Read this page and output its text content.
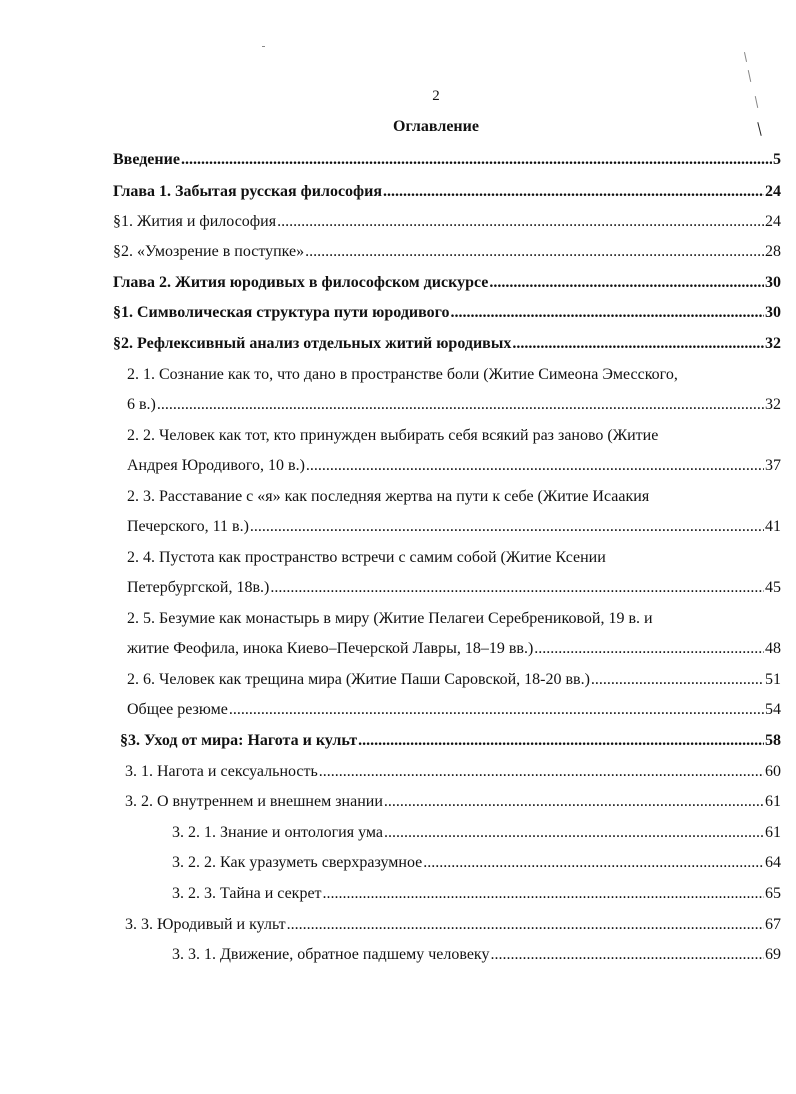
2
Оглавление
Введение .....	5
Глава 1. Забытая русская философия .....	24
§1. Жития и философия .....	24
§2. «Умозрение в поступке» .....	28
Глава 2. Жития юродивых в философском дискурсе .....	30
§1. Символическая структура пути юродивого .....	30
§2. Рефлексивный анализ отдельных житий юродивых .....	32
2. 1. Сознание как то, что дано в пространстве боли (Житие Симеона Эмесского,
6 в.) .....	32
2. 2. Человек как тот, кто принужден выбирать себя всякий раз заново (Житие
Андрея Юродивого, 10 в.) .....	37
2. 3. Расставание с «я» как последняя жертва на пути к себе (Житие Исаакия
Печерского, 11 в.) .....	41
2. 4. Пустота как пространство встречи с самим собой (Житие Ксении
Петербургской, 18в.) .....	45
2. 5. Безумие как монастырь в миру (Житие Пелагеи Серебрениковой, 19 в. и
житие Феофила, инока Киево–Печерской Лавры, 18–19 вв.) .....	48
2. 6. Человек как трещина мира (Житие Паши Саровской, 18-20 вв.) .....	51
Общее резюме .....	54
§3. Уход от мира: Нагота и культ .....	58
3. 1. Нагота и сексуальность .....	60
3. 2. О внутреннем и внешнем знании .....	61
3. 2. 1. Знание и онтология ума .....	61
3. 2. 2. Как уразуметь сверхразумное .....	64
3. 2. 3. Тайна и секрет .....	65
3. 3. Юродивый и культ .....	67
3. 3. 1. Движение, обратное падшему человеку .....	69
